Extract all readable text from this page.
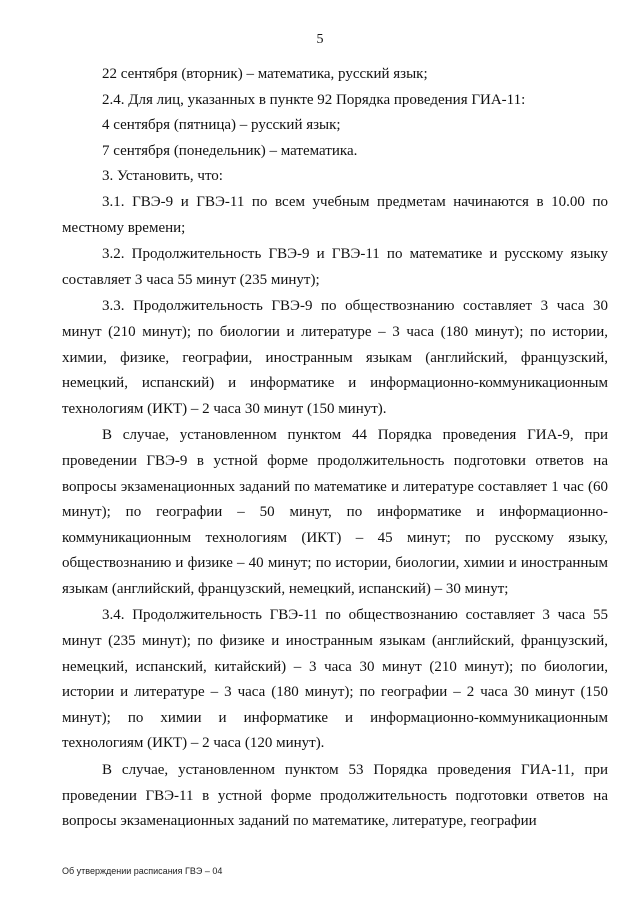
5

22 сентября (вторник) – математика, русский язык;

2.4. Для лиц, указанных в пункте 92 Порядка проведения ГИА-11:

4 сентября (пятница) – русский язык;

7 сентября (понедельник) – математика.

3. Установить, что:

3.1. ГВЭ-9 и ГВЭ-11 по всем учебным предметам начинаются в 10.00 по местному времени;

3.2. Продолжительность ГВЭ-9 и ГВЭ-11 по математике и русскому языку составляет 3 часа 55 минут (235 минут);

3.3. Продолжительность ГВЭ-9 по обществознанию составляет 3 часа 30 минут (210 минут); по биологии и литературе – 3 часа (180 минут); по истории, химии, физике, географии, иностранным языкам (английский, французский, немецкий, испанский) и информатике и информационно-коммуникационным технологиям (ИКТ) – 2 часа 30 минут (150 минут).

В случае, установленном пунктом 44 Порядка проведения ГИА-9, при проведении ГВЭ-9 в устной форме продолжительность подготовки ответов на вопросы экзаменационных заданий по математике и литературе составляет 1 час (60 минут); по географии – 50 минут, по информатике и информационно-коммуникационным технологиям (ИКТ) – 45 минут; по русскому языку, обществознанию и физике – 40 минут; по истории, биологии, химии и иностранным языкам (английский, французский, немецкий, испанский) – 30 минут;

3.4. Продолжительность ГВЭ-11 по обществознанию составляет 3 часа 55 минут (235 минут); по физике и иностранным языкам (английский, французский, немецкий, испанский, китайский) – 3 часа 30 минут (210 минут); по биологии, истории и литературе – 3 часа (180 минут); по географии – 2 часа 30 минут (150 минут); по химии и информатике и информационно-коммуникационным технологиям (ИКТ) – 2 часа (120 минут).

В случае, установленном пунктом 53 Порядка проведения ГИА-11, при проведении ГВЭ-11 в устной форме продолжительность подготовки ответов на вопросы экзаменационных заданий по математике, литературе, географии

Об утверждении расписания ГВЭ – 04
